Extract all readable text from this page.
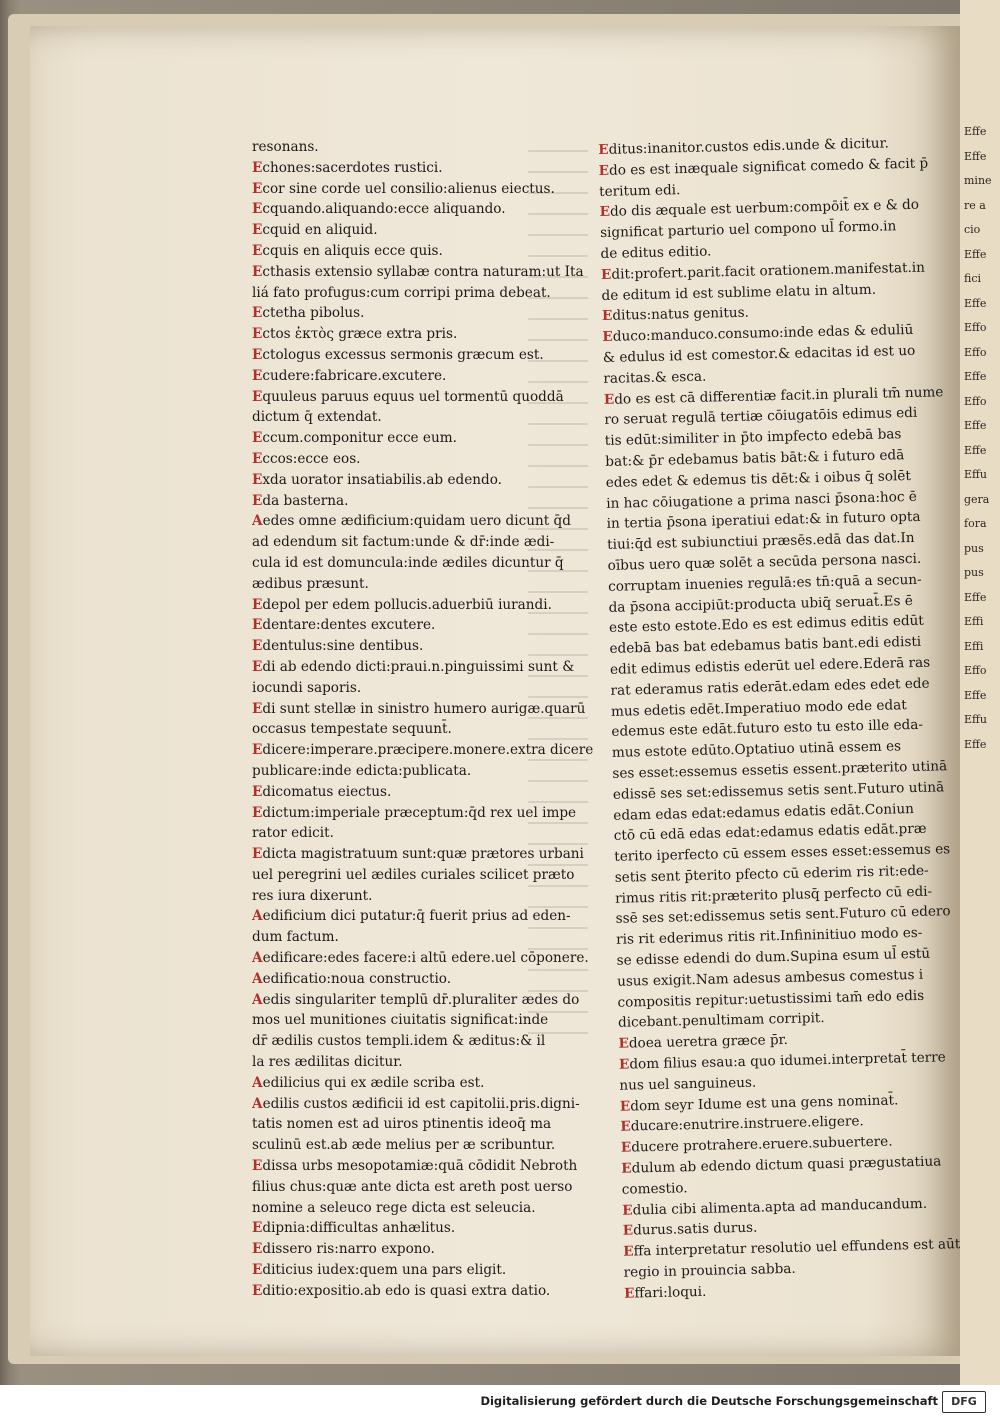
resonans.
Echones:sacerdotes rustici.
Ecor sine corde uel consilio:alienus eiectus.
Ecquando.aliquando:ecce aliquando.
Ecquid en aliquid.
Ecquis en aliquis ecce quis.
Ecthasis extensio syllabæ contra naturam:ut Ita
liá fato profugus:cum corripi prima debeat.
Ectetha pibolus.
Ectos ἐκτὸς græce extra pris.
Ectologus excessus sermonis græcum est.
Ecudere:fabricare.excutere.
Equuleus paruus equus uel tormentū quoddā
dictum q̄ extendat.
Eccum.componitur ecce eum.
Eccos:ecce eos.
Exda uorator insatiabilis.ab edendo.
Eda basterna.
Aedes omne ædificium:quidam uero dicunt q̄d
ad edendum sit factum:unde & dr̄:inde ædi-
cula id est domuncula:inde ædiles dicuntur q̄
ædibus præsunt.
Edepol per edem pollucis.aduerbiū iurandi.
Edentare:dentes excutere.
Edentulus:sine dentibus.
Edi ab edendo dicti:praui.n.pinguissimi sunt &
iocundi saporis.
Edi sunt stellæ in sinistro humero aurigæ.quarū
occasus tempestate sequunt̄.
Edicere:imperare.præcipere.monere.extra dicere
publicare:inde edicta:publicata.
Edicomatus eiectus.
Edictum:imperiale præceptum:q̄d rex uel impe
rator edicit.
Edicta magistratuum sunt:quæ prætores urbani
uel peregrini uel ædiles curiales scilicet præto
res iura dixerunt.
Aedificium dici putatur:q̄ fuerit prius ad eden-
dum factum.
Aedificare:edes facere:i altū edere.uel cōponere.
Aedificatio:noua constructio.
Aedis singulariter templū dr̄.pluraliter ædes do
mos uel munitiones ciuitatis significat:inde
dr̄ ædilis custos templi.idem & æditus:& il
la res ædilitas dicitur.
Aedilicius qui ex ædile scriba est.
Aedilis custos ædificii id est capitolii.pris.digni-
tatis nomen est ad uiros ptinentis ideoq̄ ma
sculinū est.ab æde melius per æ scribuntur.
Edissa urbs mesopotamiæ:quā cōdidit Nebroth
filius chus:quæ ante dicta est areth post uerso
nomine a seleuco rege dicta est seleucia.
Edipnia:difficultas anhælitus.
Edissero ris:narro expono.
Editicius iudex:quem una pars eligit.
Editio:expositio.ab edo is quasi extra datio.
Editus:inanitor.custos edis.unde & dicitur.
Edo es est inæquale significat comedo & facit p̄
teritum edi.
Edo dis æquale est uerbum:compōit̄ ex e & do
significat parturio uel compono ul̄ formo.in
de editus editio.
Edit:profert.parit.facit orationem.manifestat.in
de editum id est sublime elatu in altum.
Editus:natus genitus.
Educo:manduco.consumo:inde edas & eduliū
& edulus id est comestor.& edacitas id est uo
racitas.& esca.
Edo es est cā differentiæ facit.in plurali tm̄ nume
ro seruat regulā tertiæ cōiugatōis edimus edi
tis edūt:similiter in p̄to impfecto edebā bas
bat:& p̄r edebamus batis bāt:& i futuro edā
edes edet & edemus tis dēt:& i oibus q̄ solēt
in hac cōiugatione a prima nasci p̄sona:hoc ē
in tertia p̄sona iperatiui edat:& in futuro opta
tiui:q̄d est subiunctiui præsēs.edā das dat.In
oībus uero quæ solēt a secūda persona nasci.
corruptam inuenies regulā:es tn̄:quā a secun-
da p̄sona accipiūt:producta ubiq̄ seruat̄.Es ē
este esto estote.Edo es est edimus editis edūt
edebā bas bat edebamus batis bant.edi edisti
edit edimus edistis ederūt uel edere.Ederā ras
rat ederamus ratis ederāt.edam edes edet ede
mus edetis edēt.Imperatiuo modo ede edat
edemus este edāt.futuro esto tu esto ille eda-
mus estote edūto.Optatiuo utinā essem es
ses esset:essemus essetis essent.præterito utinā
edissē ses set:edissemus setis sent.Futuro utinā
edam edas edat:edamus edatis edāt.Coniun
ctō cū edā edas edat:edamus edatis edāt.præ
terito iperfecto cū essem esses esset:essemus es
setis sent p̄terito pfecto cū ederim ris rit:ede-
rimus ritis rit:præterito plusq̄ perfecto cū edi-
ssē ses set:edissemus setis sent.Futuro cū edero
ris rit ederimus ritis rit.Infininitiuo modo es-
se edisse edendi do dum.Supina esum ul̄ estū
usus exigit.Nam adesus ambesus comestus i
compositis repitur:uetustissimi tam̄ edo edis
dicebant.penultimam corripit.
Edoea ueretra græce p̄r.
Edom filius esau:a quo idumei.interpretat̄ terre
nus uel sanguineus.
Edom seyr Idume est una gens nominat̄.
Educare:enutrire.instruere.eligere.
Educere protrahere.eruere.subuertere.
Edulum ab edendo dictum quasi prægustatiua
comestio.
Edulia cibi alimenta.apta ad manducandum.
Edurus.satis durus.
Effa interpretatur resolutio uel effundens est aūt
regio in prouincia sabba.
Effari:loqui.
Effe
Effe
mine
re a
cio
Effe
fici
Effe
Effo
Effo
Effe
Effo
Effe
Effe
Effu
gera
fora
pus
pus
Effe
Effi
Effi
Effo
Effe
Effu
Effe
Digitalisierung gefördert durch die Deutsche Forschungsgemeinschaft	DFG
